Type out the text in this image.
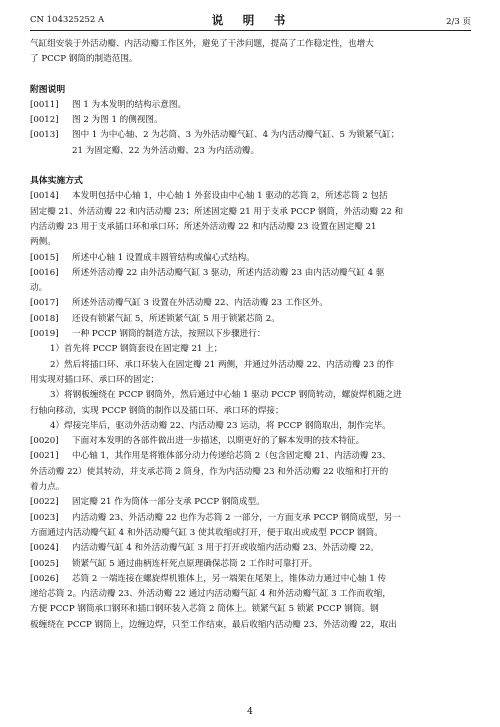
CN 104325252 A	说　明　书	2/3 页

气缸组安装于外活动瓣、内活动瓣工作区外，避免了干涉问题，提高了工作稳定性，也增大

了 PCCP 钢筒的制造范围。

附图说明

[0011] 图 1 为本发明的结构示意图。

[0012] 图 2 为图 1 的侧视图。

[0013] 图中 1 为中心轴、2 为芯筒、3 为外活动瓣气缸、4 为内活动瓣气缸、5 为锁紧气缸；

21 为固定瓣、22 为外活动瓣、23 为内活动瓣。

具体实施方式

[0014] 本发明包括中心轴 1，中心轴 1 外套设由中心轴 1 驱动的芯筒 2，所述芯筒 2 包括

固定瓣 21、外活动瓣 22 和内活动瓣 23；所述固定瓣 21 用于支承 PCCP 钢筒，外活动瓣 22 和

内活动瓣 23 用于支承插口环和承口环；所述外活动瓣 22 和内活动瓣 23 设置在固定瓣 21

两侧。

[0015] 所述中心轴 1 设置成丰圆管结构或偏心式结构。

[0016] 所述外活动瓣 22 由外活动瓣气缸 3 驱动，所述内活动瓣 23 由内活动瓣气缸 4 驱

动。

[0017] 所述外活动瓣气缸 3 设置在外活动瓣 22、内活动瓣 23 工作区外。

[0018] 还设有锁紧气缸 5，所述锁紧气缸 5 用于锁紧芯筒 2。

[0019] 一种 PCCP 钢筒的制造方法，按照以下步骤进行：

1）首先将 PCCP 钢筒套设在固定瓣 21 上；

2）然后将插口环、承口环装入在固定瓣 21 两侧，并通过外活动瓣 22、内活动瓣 23 的作

用实现对插口环、承口环的固定；

3）将钢板缠绕在 PCCP 钢筒外，然后通过中心轴 1 驱动 PCCP 钢筒转动，螺旋焊机随之进

行轴向移动，实现 PCCP 钢筒的制作以及插口环、承口环的焊接；

4）焊接完毕后，驱动外活动瓣 22、内活动瓣 23 运动，将 PCCP 钢筒取出，制作完毕。

[0020] 下面对本发明的各部件做出进一步描述，以期更好的了解本发明的技术特征。

[0021] 中心轴 1，其作用是将锥体部分动力传递给芯筒 2（包含固定瓣 21、内活动瓣 23、

外活动瓣 22）使其转动，并支承芯筒 2 筒身，作为内活动瓣 23 和外活动瓣 22 收缩和打开的

着力点。

[0022] 固定瓣 21 作为筒体一部分支承 PCCP 钢筒成型。

[0023] 内活动瓣 23、外活动瓣 22 也作为芯筒 2 一部分，一方面支承 PCCP 钢筒成型，另一

方面通过内活动瓣气缸 4 和外活动瓣气缸 3 使其收缩或打开，便于取出或成型 PCCP 钢筒。

[0024] 内活动瓣气缸 4 和外活动瓣气缸 3 用于打开或收缩内活动瓣 23、外活动瓣 22。

[0025] 锁紧气缸 5 通过曲柄连杆死点原理确保芯筒 2 工作时可靠打开。

[0026] 芯筒 2 一端连接在螺旋焊机锥体上，另一端架在尾架上，锥体动力通过中心轴 1 传

递给芯筒 2。内活动瓣 23、外活动瓣 22 通过内活动瓣气缸 4 和外活动瓣气缸 3 工作而收缩，

方便 PCCP 钢筒承口钢环和插口钢环装入芯筒 2 筒体上。锁紧气缸 5 锁紧 PCCP 钢筒。钢

板缠绕在 PCCP 钢筒上，边缠边焊，只至工作结束，最后收缩内活动瓣 23、外活动瓣 22，取出

4
